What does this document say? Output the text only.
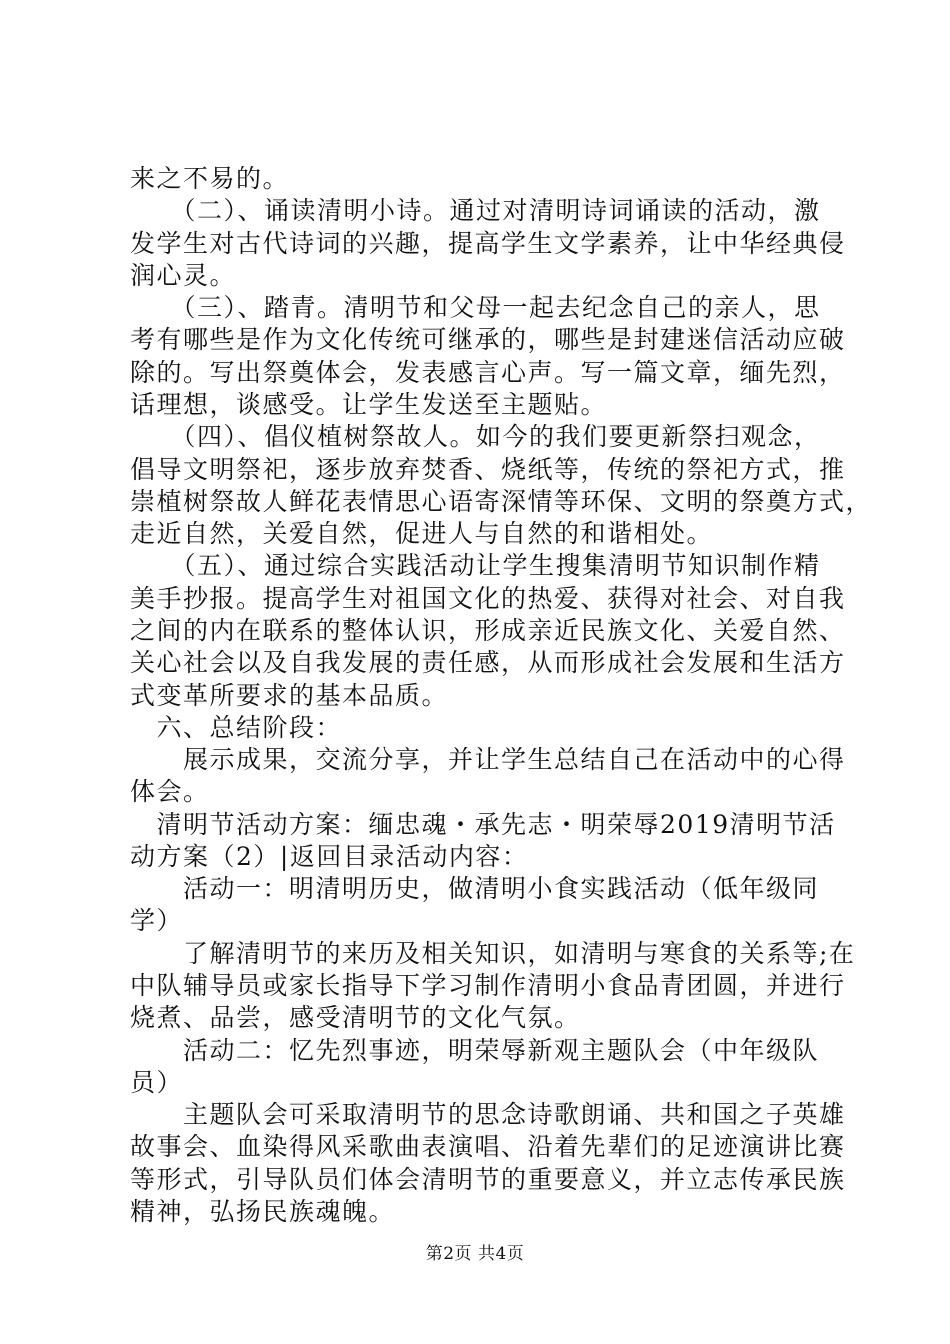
来之不易的。
　　（二）、诵读清明小诗。通过对清明诗词诵读的活动，激
发学生对古代诗词的兴趣，提高学生文学素养，让中华经典侵
润心灵。
　　（三）、踏青。清明节和父母一起去纪念自己的亲人，思
考有哪些是作为文化传统可继承的，哪些是封建迷信活动应破
除的。写出祭奠体会，发表感言心声。写一篇文章，缅先烈，
话理想，谈感受。让学生发送至主题贴。
　　（四）、倡仪植树祭故人。如今的我们要更新祭扫观念，
倡导文明祭祀，逐步放弃焚香、烧纸等，传统的祭祀方式，推
崇植树祭故人鲜花表情思心语寄深情等环保、文明的祭奠方式，
走近自然，关爱自然，促进人与自然的和谐相处。
　　（五）、通过综合实践活动让学生搜集清明节知识制作精
美手抄报。提高学生对祖国文化的热爱、获得对社会、对自我
之间的内在联系的整体认识，形成亲近民族文化、关爱自然、
关心社会以及自我发展的责任感，从而形成社会发展和生活方
式变革所要求的基本品质。
　六、总结阶段：
　　展示成果，交流分享，并让学生总结自己在活动中的心得
体会。
　清明节活动方案：缅忠魂・承先志・明荣辱2019清明节活
动方案（2）|返回目录活动内容：
　　活动一：明清明历史，做清明小食实践活动（低年级同
学）
　　了解清明节的来历及相关知识，如清明与寒食的关系等;在
中队辅导员或家长指导下学习制作清明小食品青团圆，并进行
烧煮、品尝，感受清明节的文化气氛。
　　活动二：忆先烈事迹，明荣辱新观主题队会（中年级队
员）
　　主题队会可采取清明节的思念诗歌朗诵、共和国之子英雄
故事会、血染得风采歌曲表演唱、沿着先辈们的足迹演讲比赛
第2页 共4页
等形式，引导队员们体会清明节的重要意义，并立志传承民族
精神，弘扬民族魂魄。
